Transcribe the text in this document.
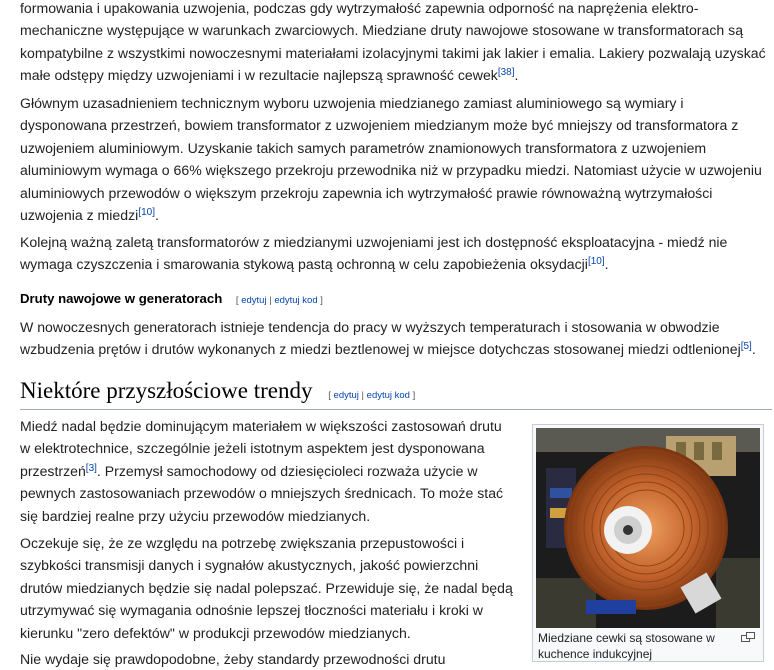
formowania i upakowania uzwojenia, podczas gdy wytrzymałość zapewnia odporność na naprężenia elektro-
mechaniczne występujące w warunkach zwarciowych. Miedziane druty nawojowe stosowane w transformatorach są
kompatybilne z wszystkimi nowoczesnymi materiałami izolacyjnymi takimi jak lakier i emalia. Lakiery pozwalają uzyskać
małe odstępy między uzwojeniami i w rezultacie najlepszą sprawność cewek[38].

Głównym uzasadnieniem technicznym wyboru uzwojenia miedzianego zamiast aluminiowego są wymiary i
dysponowana przestrzeń, bowiem transformator z uzwojeniem miedzianym może być mniejszy od transformatora z
uzwojeniem aluminiowym. Uzyskanie takich samych parametrów znamionowych transformatora z uzwojeniem
aluminiowym wymaga o 66% większego przekroju przewodnika niż w przypadku miedzi. Natomiast użycie w uzwojeniu
aluminiowych przewodów o większym przekroju zapewnia ich wytrzymałość prawie równoważną wytrzymałości
uzwojenia z miedzi[10].

Kolejną ważną zaletą transformatorów z miedzianymi uzwojeniami jest ich dostępność eksploatacyjna - miedź nie
wymaga czyszczenia i smarowania stykową pastą ochronną w celu zapobieżenia oksydacji[10].

Druty nawojowe w generatorach [ edytuj | edytuj kod ]

W nowoczesnych generatorach istnieje tendencja do pracy w wyższych temperaturach i stosowania w obwodzie
wzbudzenia prętów i drutów wykonanych z miedzi beztlenowej w miejsce dotychczas stosowanej miedzi odtlenionej[5].

Niektóre przyszłościowe trendy [ edytuj | edytuj kod ]

Miedź nadal będzie dominującym materiałem w większości zastosowań drutu
w elektrotechnice, szczególnie jeżeli istotnym aspektem jest dysponowana
przestrzeń[3]. Przemysł samochodowy od dziesięcioleci rozważa użycie w
pewnych zastosowaniach przewodów o mniejszych średnicach. To może stać
się bardziej realne przy użyciu przewodów miedzianych.

Oczekuje się, że ze względu na potrzebę zwiększania przepustowości i
szybkości transmisji danych i sygnałów akustycznych, jakość powierzchni
drutów miedzianych będzie się nadal polepszać. Przewiduje się, że nadal będą
utrzymywać się wymagania odnośnie lepszej tłoczności materiału i kroki w
kierunku "zero defektów" w produkcji przewodów miedzianych.

Nie wydaje się prawdopodobne, żeby standardy przewodności drutu

Miedziane cewki są stosowane w
kuchence indukcyjnej
